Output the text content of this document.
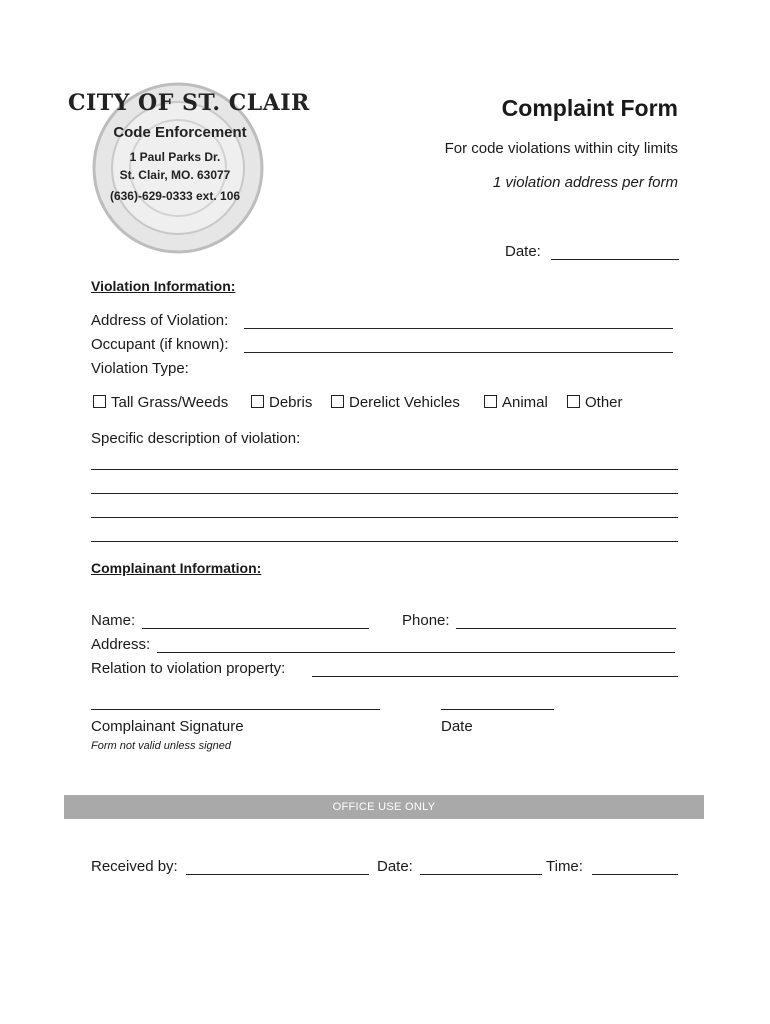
CITY OF ST. CLAIR
Code Enforcement
1 Paul Parks Dr.
St. Clair, MO. 63077
(636)-629-0333 ext. 106
Complaint Form
For code violations within city limits
1 violation address per form
Date:
Violation Information:
Address of Violation:
Occupant (if known):
Violation Type:
Tall Grass/Weeds	Debris	Derelict Vehicles	Animal	Other
Specific description of violation:
Complainant Information:
Name:	Phone:
Address:
Relation to violation property:
Complainant Signature	Date
Form not valid unless signed
OFFICE USE ONLY
Received by:	Date:	Time:
